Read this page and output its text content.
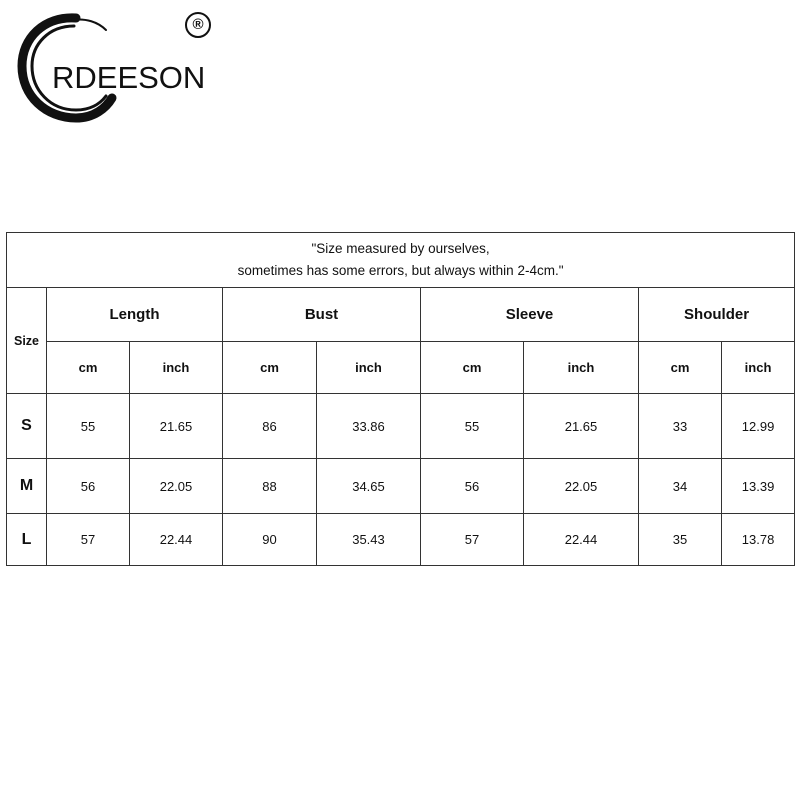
RDEESON
®
"Size measured by ourselves,
sometimes has some errors, but always within 2-4cm."								

Size	Length		Bust		Sleeve		Shoulder	
	cm	inch	cm	inch	cm	inch	cm	inch
S	55	21.65	86	33.86	55	21.65	33	12.99
M	56	22.05	88	34.65	56	22.05	34	13.39
L	57	22.44	90	35.43	57	22.44	35	13.78
